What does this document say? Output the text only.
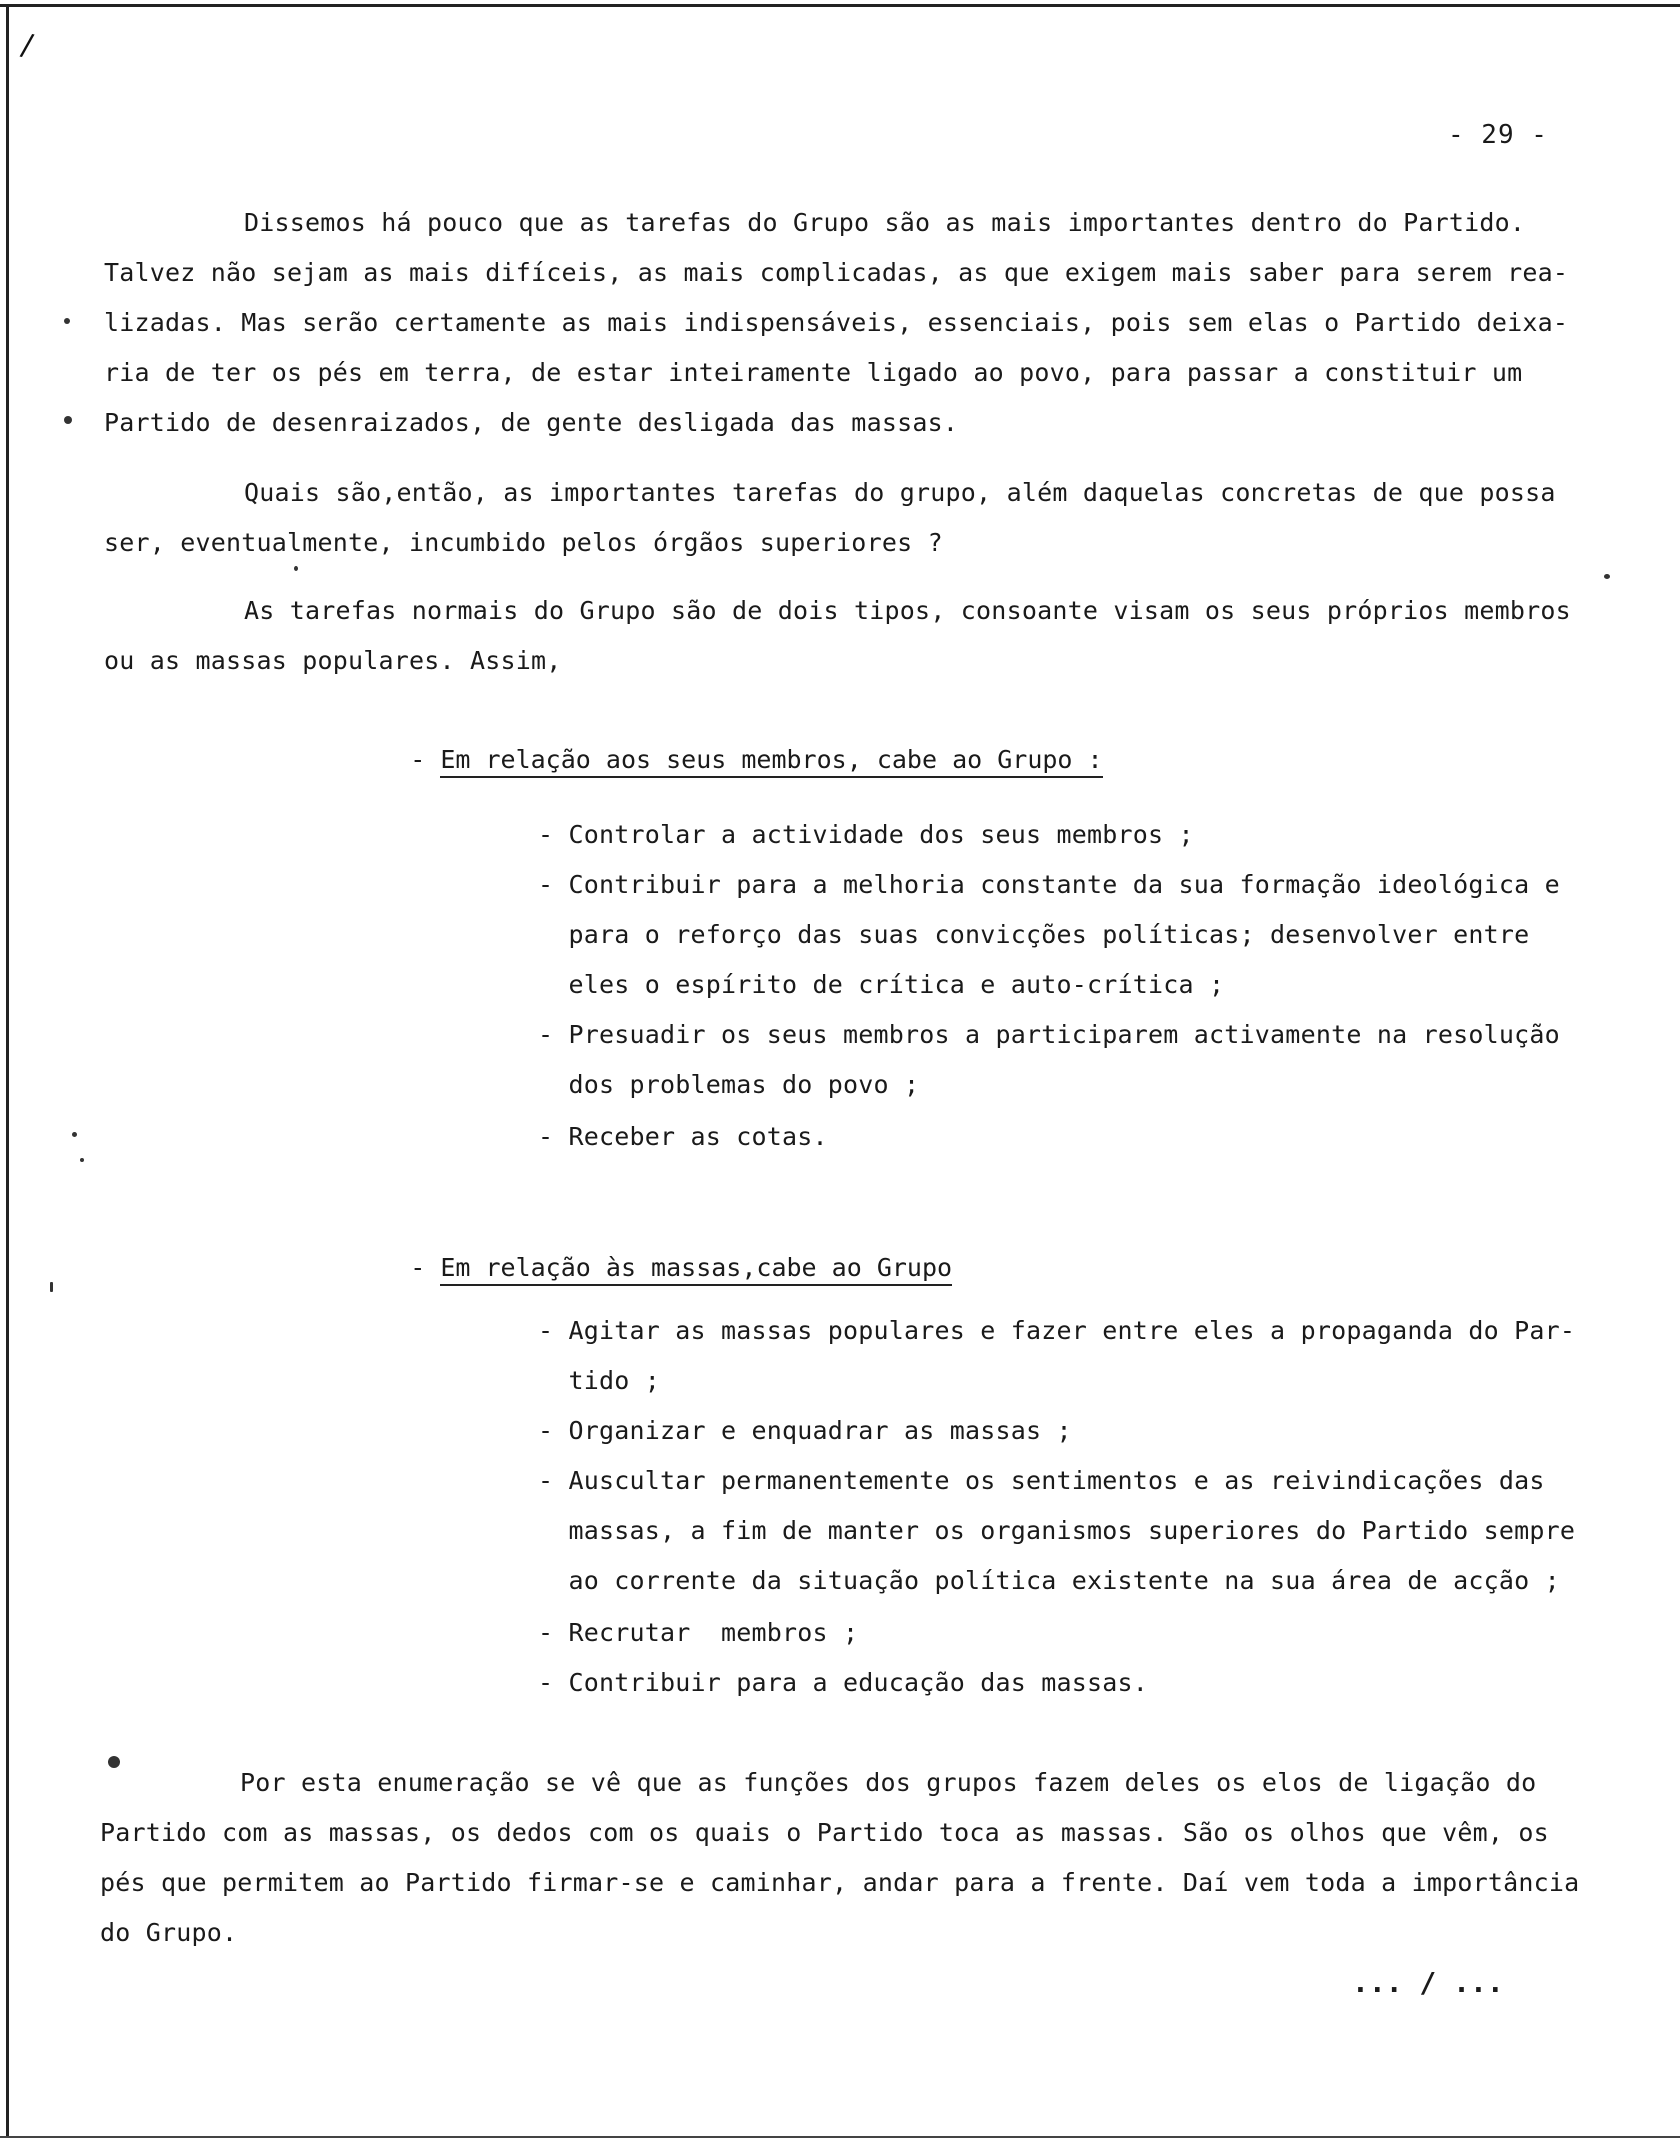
/
- 29 -
Dissemos há pouco que as tarefas do Grupo são as mais importantes dentro do Partido.
Talvez não sejam as mais difíceis, as mais complicadas, as que exigem mais saber para serem rea-
lizadas. Mas serão certamente as mais indispensáveis, essenciais, pois sem elas o Partido deixa-
ria de ter os pés em terra, de estar inteiramente ligado ao povo, para passar a constituir um
Partido de desenraizados, de gente desligada das massas.
Quais são,então, as importantes tarefas do grupo, além daquelas concretas de que possa
ser, eventualmente, incumbido pelos órgãos superiores ?
As tarefas normais do Grupo são de dois tipos, consoante visam os seus próprios membros
ou as massas populares. Assim,

- Em relação aos seus membros, cabe ao Grupo :

- Controlar a actividade dos seus membros ;
- Contribuir para a melhoria constante da sua formação ideológica e
para o reforço das suas convicções políticas; desenvolver entre
eles o espírito de crítica e auto-crítica ;
- Presuadir os seus membros a participarem activamente na resolução
dos problemas do povo ;
- Receber as cotas.

- Em relação às massas,cabe ao Grupo

- Agitar as massas populares e fazer entre eles a propaganda do Par-
tido ;
- Organizar e enquadrar as massas ;
- Auscultar permanentemente os sentimentos e as reivindicações das
massas, a fim de manter os organismos superiores do Partido sempre
ao corrente da situação política existente na sua área de acção ;
- Recrutar  membros ;
- Contribuir para a educação das massas.
Por esta enumeração se vê que as funções dos grupos fazem deles os elos de ligação do
Partido com as massas, os dedos com os quais o Partido toca as massas. São os olhos que vêm, os
pés que permitem ao Partido firmar-se e caminhar, andar para a frente. Daí vem toda a importância
do Grupo.
... / ...
